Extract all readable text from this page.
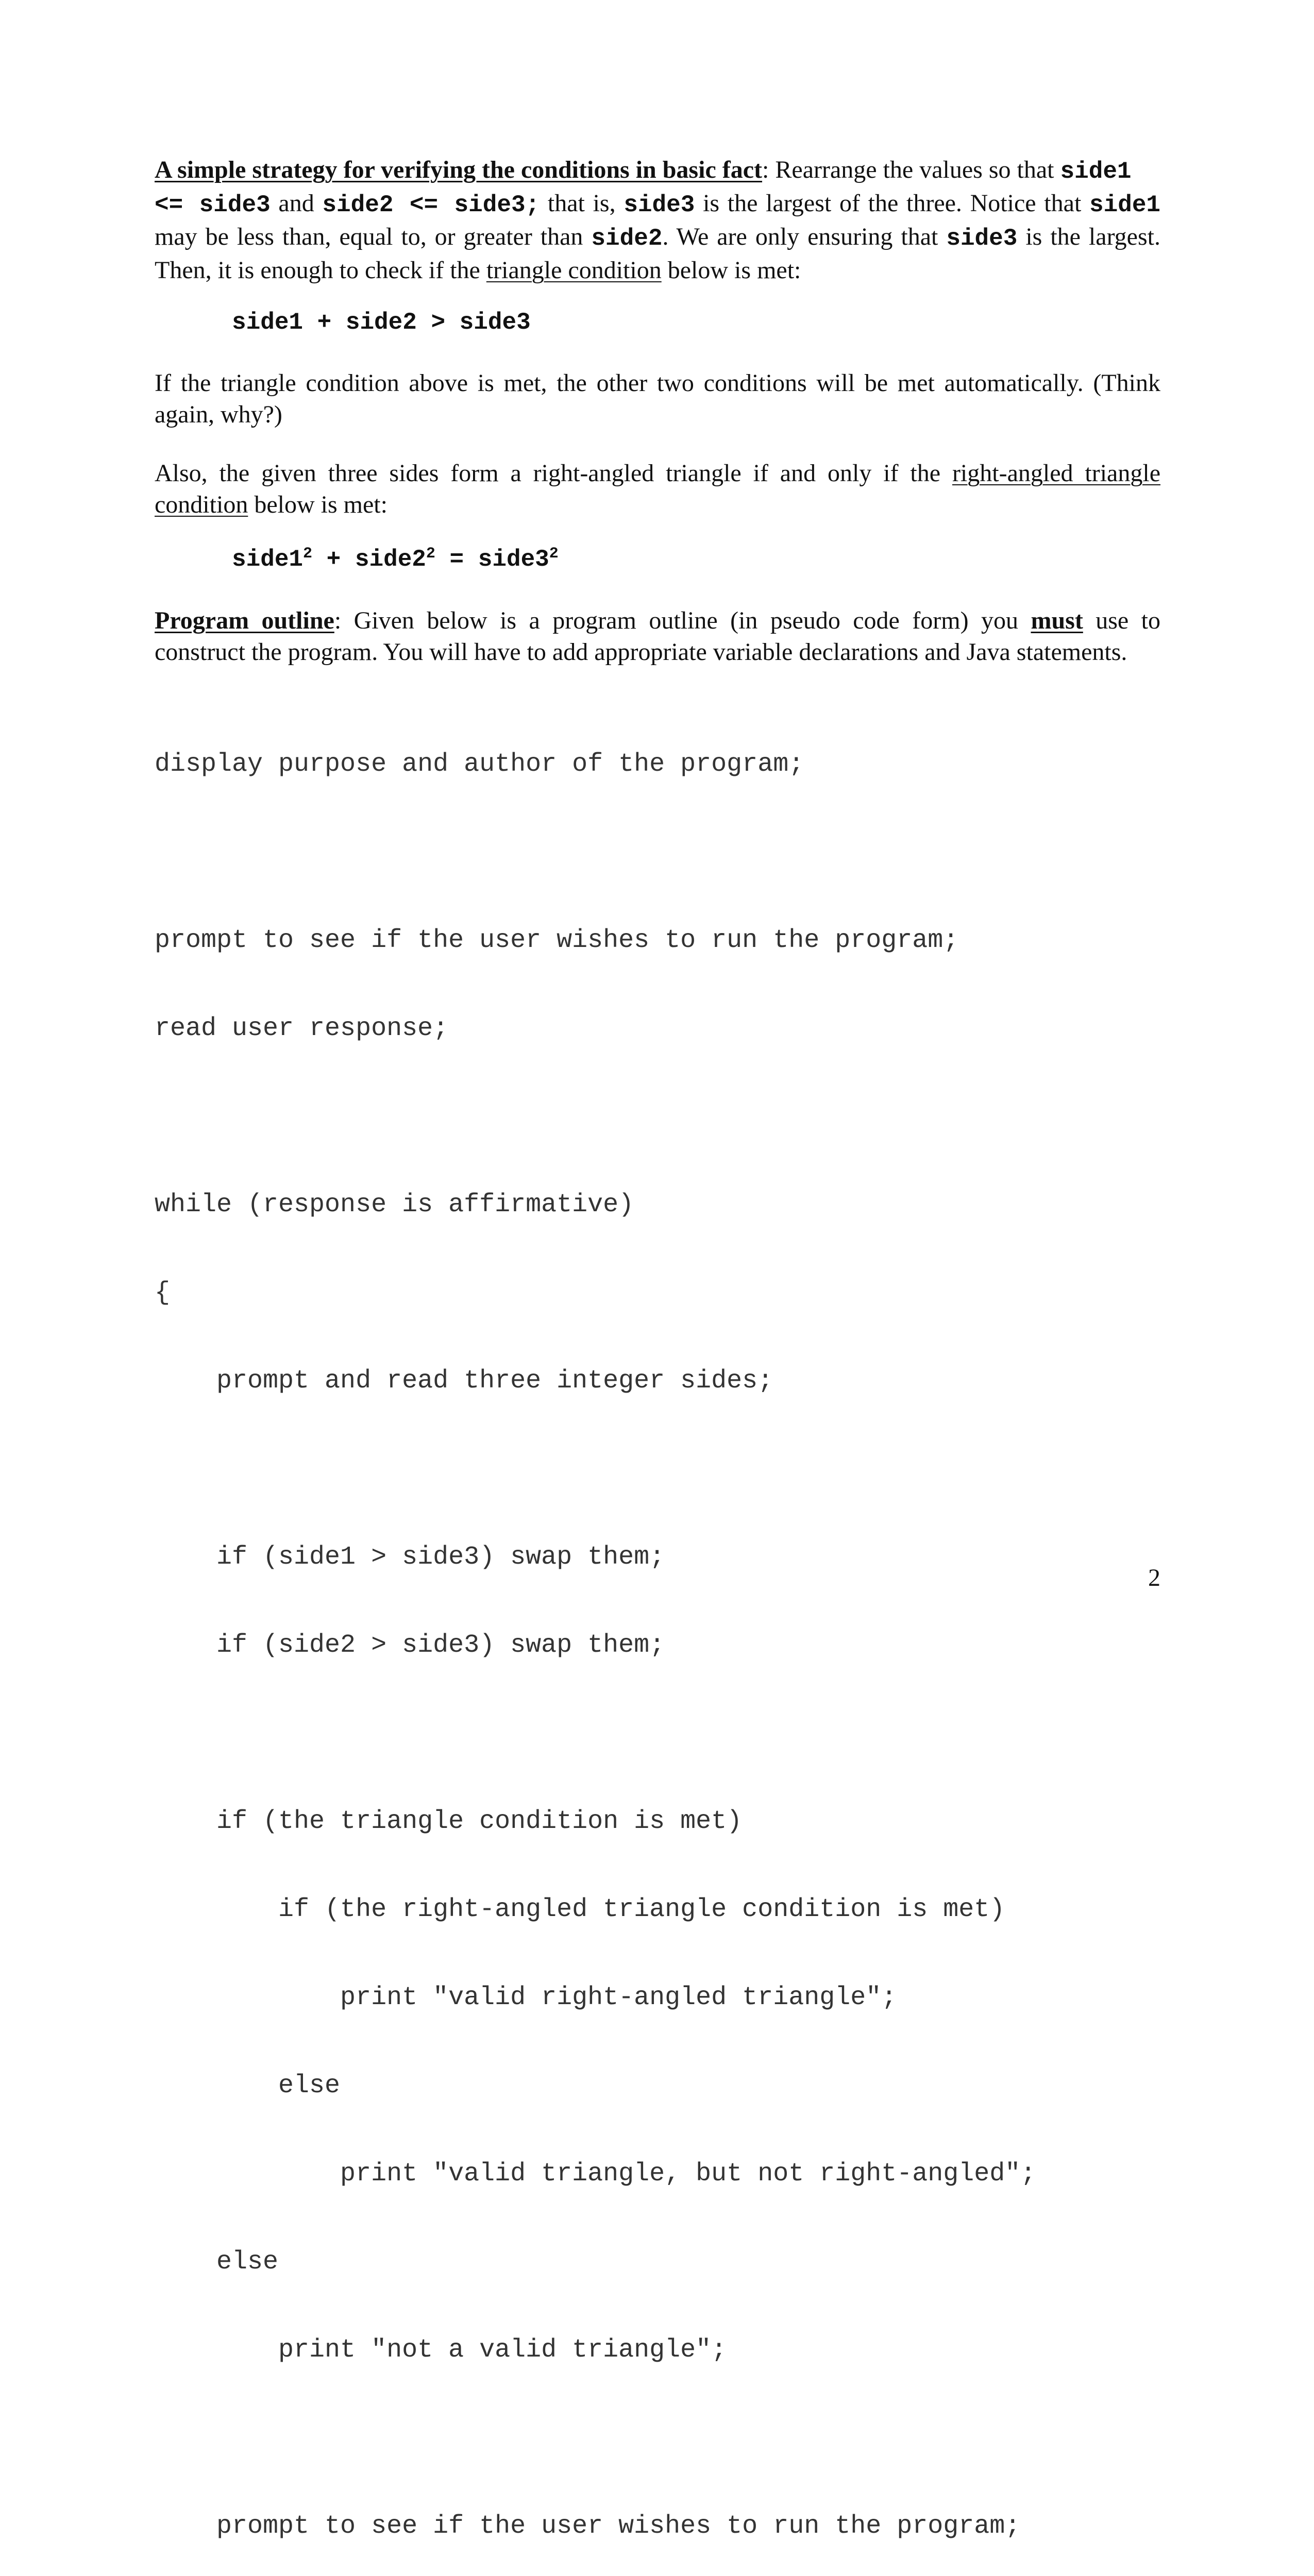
A simple strategy for verifying the conditions in basic fact: Rearrange the values so that side1
<= side3 and side2 <= side3; that is, side3 is the largest of the three. Notice that side1 may be less than, equal to, or greater than side2. We are only ensuring that side3 is the largest. Then, it is enough to check if the triangle condition below is met:

side1 + side2 > side3

If the triangle condition above is met, the other two conditions will be met automatically. (Think again, why?)

Also, the given three sides form a right-angled triangle if and only if the right-angled triangle condition below is met:

$side1^2$ + $side2^2$ = $side3^2$

Program outline: Given below is a program outline (in pseudo code form) you must use to construct the program. You will have to add appropriate variable declarations and Java statements.

display purpose and author of the program;

prompt to see if the user wishes to run the program;

read user response;

while (response is affirmative)

{

prompt and read three integer sides;

if (side1 > side3) swap them;

if (side2 > side3) swap them;

if (the triangle condition is met)

if (the right-angled triangle condition is met)

print "valid right-angled triangle";

else

print "valid triangle, but not right-angled";

else

print "not a valid triangle";

prompt to see if the user wishes to run the program;

2
